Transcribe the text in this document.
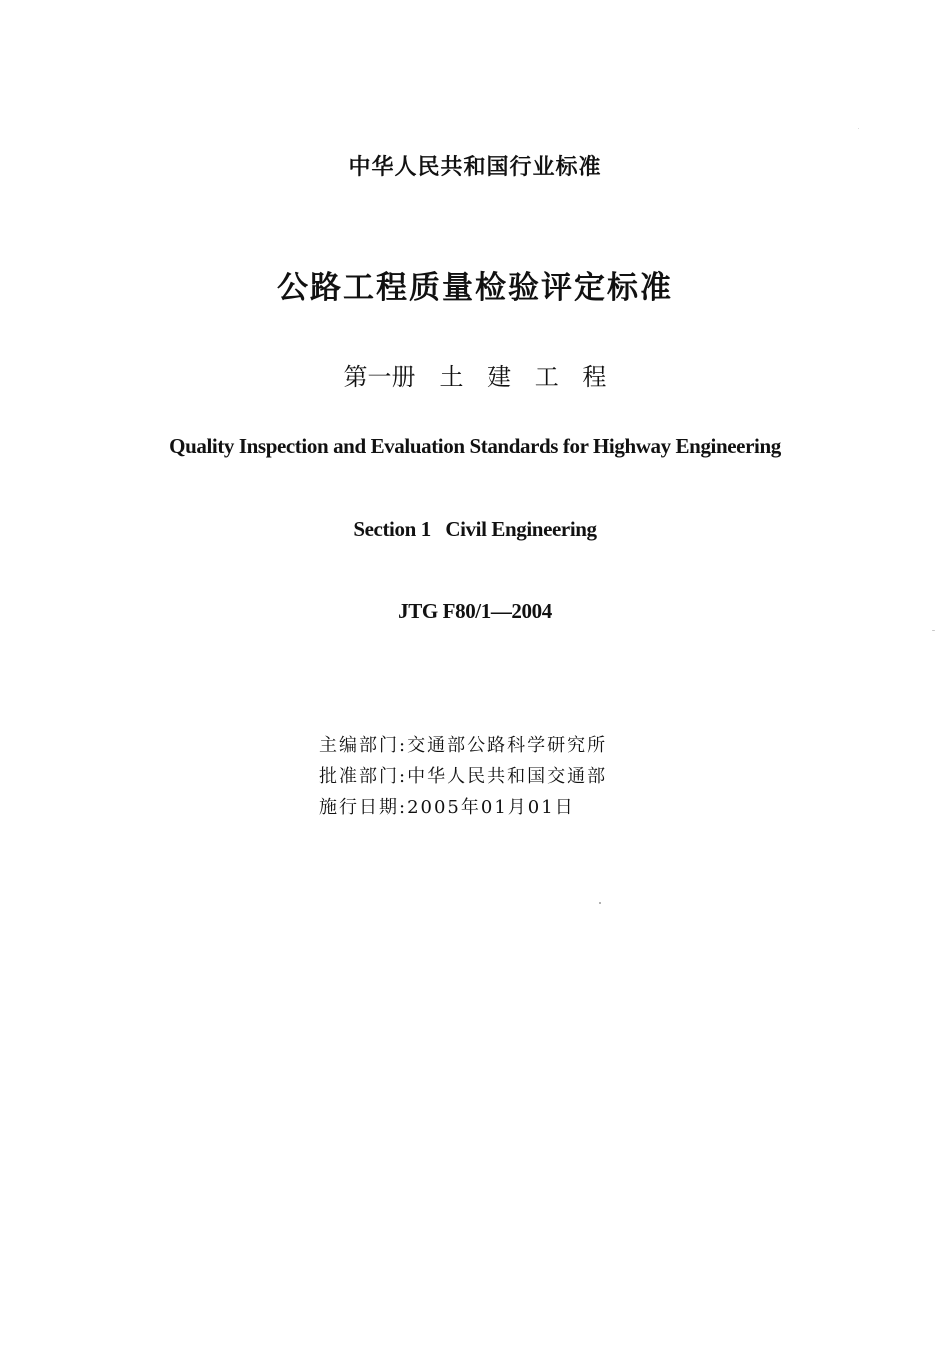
中华人民共和国行业标准
公路工程质量检验评定标准
第一册　土 建 工 程
Quality Inspection and Evaluation Standards for Highway Engineering
Section 1   Civil Engineering
JTG F80/1—2004
主编部门:交通部公路科学研究所
批准部门:中华人民共和国交通部
施行日期:2005年01月01日
